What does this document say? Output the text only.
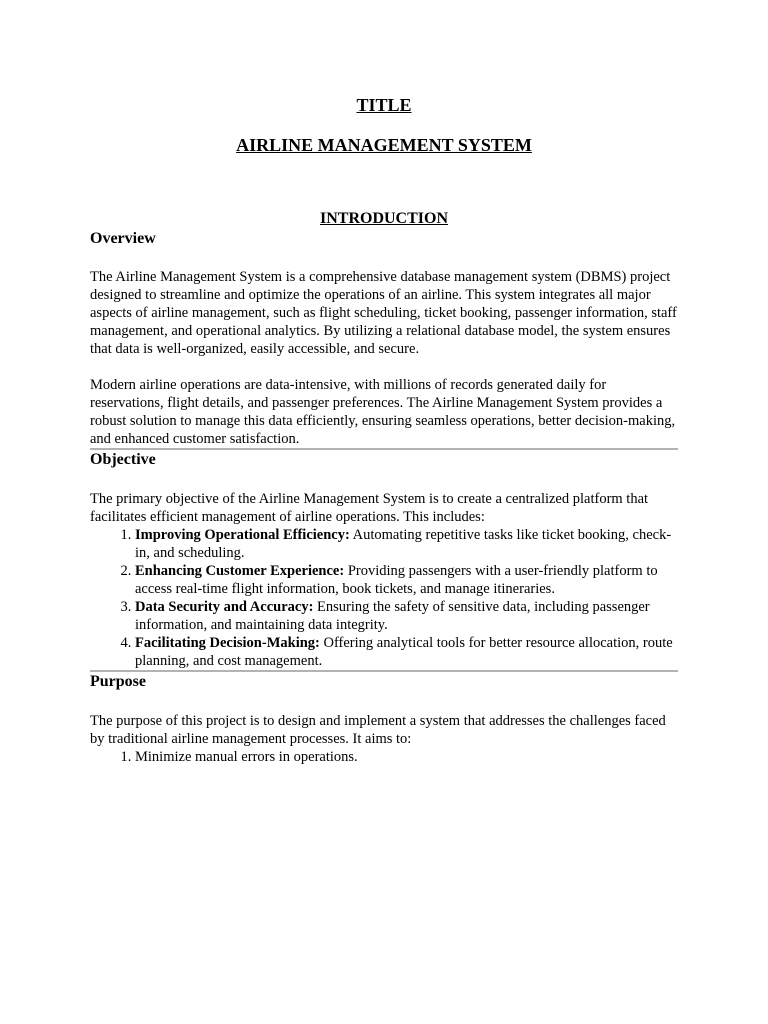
TITLE
AIRLINE MANAGEMENT SYSTEM
INTRODUCTION
Overview

The Airline Management System is a comprehensive database management system (DBMS) project designed to streamline and optimize the operations of an airline. This system integrates all major aspects of airline management, such as flight scheduling, ticket booking, passenger information, staff management, and operational analytics. By utilizing a relational database model, the system ensures that data is well-organized, easily accessible, and secure.

Modern airline operations are data-intensive, with millions of records generated daily for reservations, flight details, and passenger preferences. The Airline Management System provides a robust solution to manage this data efficiently, ensuring seamless operations, better decision-making, and enhanced customer satisfaction.

Objective

The primary objective of the Airline Management System is to create a centralized platform that facilitates efficient management of airline operations. This includes:

1. Improving Operational Efficiency: Automating repetitive tasks like ticket booking, check-in, and scheduling.
2. Enhancing Customer Experience: Providing passengers with a user-friendly platform to access real-time flight information, book tickets, and manage itineraries.
3. Data Security and Accuracy: Ensuring the safety of sensitive data, including passenger information, and maintaining data integrity.
4. Facilitating Decision-Making: Offering analytical tools for better resource allocation, route planning, and cost management.
Purpose

The purpose of this project is to design and implement a system that addresses the challenges faced by traditional airline management processes. It aims to:

1. Minimize manual errors in operations.
